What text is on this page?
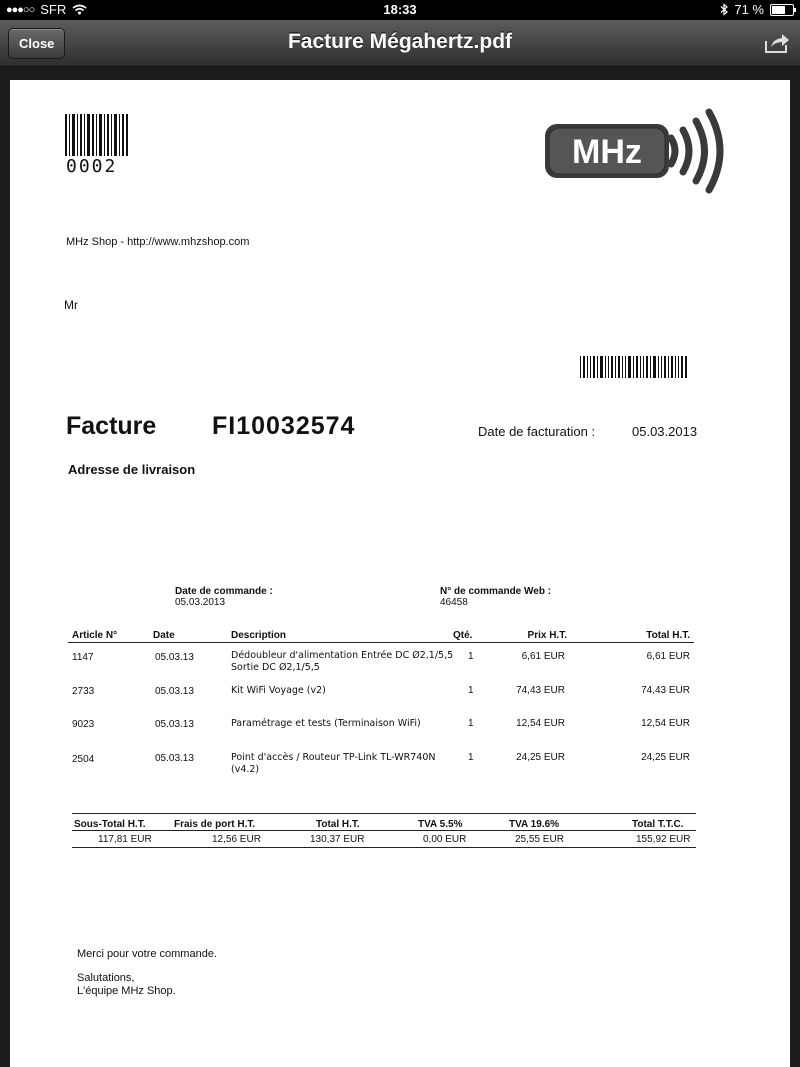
●●●○○ SFR	18:33	71 %
Close	Facture Mégahertz.pdf
0002	MHz
MHz Shop - http://www.mhzshop.com
Mr
Facture FI10032574	Date de facturation :	05.03.2013
Adresse de livraison
Date de commande :
05.03.2013
N° de commande Web :
46458
Article N°	Date	Description	Qté.	Prix H.T.	Total H.T.
1147	05.03.13	Dédoubleur d'alimentation Entrée DC Ø2,1/5,5
Sortie DC Ø2,1/5,5
1	6,61 EUR	6,61 EUR
2733	05.03.13	Kit WiFi Voyage (v2)	1	74,43 EUR	74,43 EUR
9023	05.03.13	Paramétrage et tests (Terminaison WiFi)	1	12,54 EUR	12,54 EUR
2504	05.03.13	Point d'accès / Routeur TP-Link TL-WR740N
(v4.2)
1	24,25 EUR	24,25 EUR
Sous-Total H.T.	Frais de port H.T.	Total H.T.	TVA 5.5%	TVA 19.6%	Total T.T.C.
117,81 EUR	12,56 EUR	130,37 EUR	0,00 EUR	25,55 EUR	155,92 EUR
Merci pour votre commande.
Salutations,
L'équipe MHz Shop.
